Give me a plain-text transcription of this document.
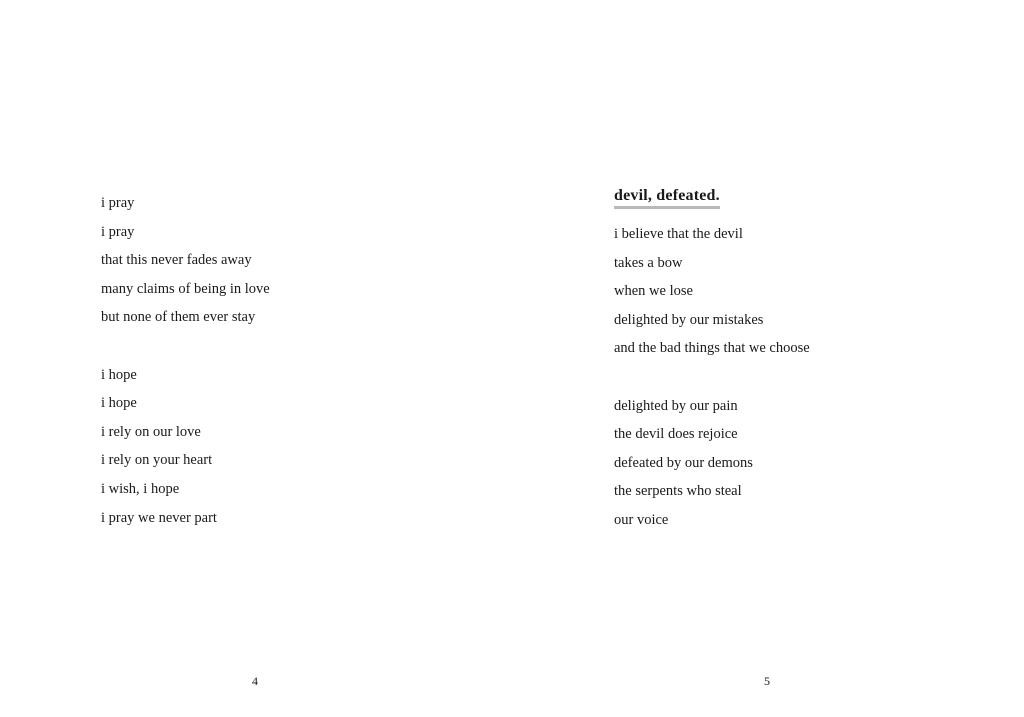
i pray
i pray
that this never fades away
many claims of being in love
but none of them ever stay

i hope
i hope
i rely on our love
i rely on your heart
i wish, i hope
i pray we never part

4
devil, defeated.

i believe that the devil
takes a bow
when we lose
delighted by our mistakes
and the bad things that we choose

delighted by our pain
the devil does rejoice
defeated by our demons
the serpents who steal
our voice

5
